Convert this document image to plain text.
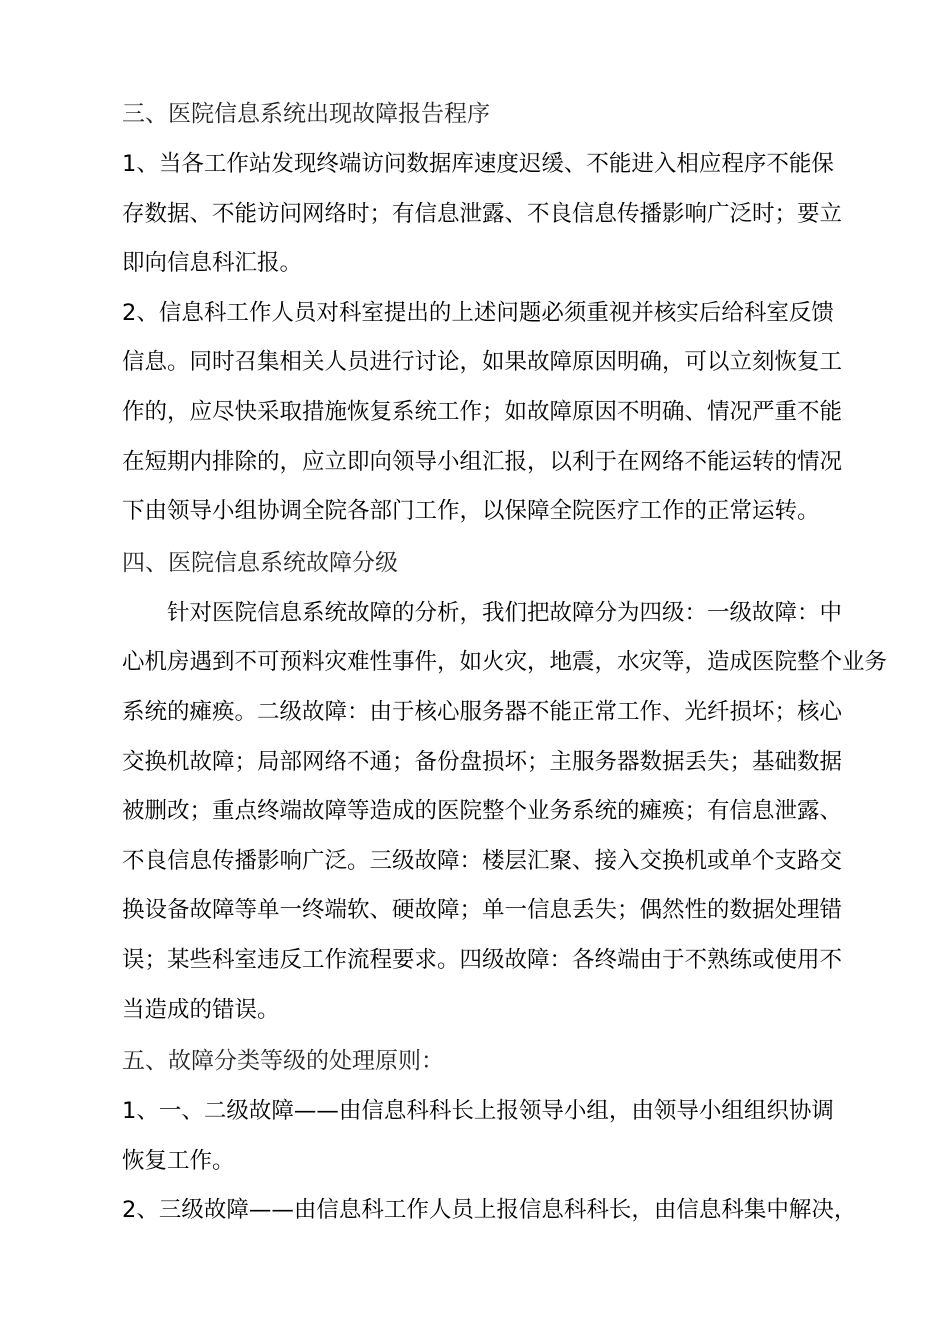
三、医院信息系统出现故障报告程序

1、当各工作站发现终端访问数据库速度迟缓、不能进入相应程序不能保
存数据、不能访问网络时；有信息泄露、不良信息传播影响广泛时；要立
即向信息科汇报。

2、信息科工作人员对科室提出的上述问题必须重视并核实后给科室反馈
信息。同时召集相关人员进行讨论，如果故障原因明确，可以立刻恢复工
作的，应尽快采取措施恢复系统工作；如故障原因不明确、情况严重不能
在短期内排除的，应立即向领导小组汇报，以利于在网络不能运转的情况
下由领导小组协调全院各部门工作，以保障全院医疗工作的正常运转。

四、医院信息系统故障分级

　　针对医院信息系统故障的分析，我们把故障分为四级：一级故障：中
心机房遇到不可预料灾难性事件，如火灾，地震，水灾等，造成医院整个业务
系统的瘫痪。二级故障：由于核心服务器不能正常工作、光纤损坏；核心
交换机故障；局部网络不通；备份盘损坏；主服务器数据丢失；基础数据
被删改；重点终端故障等造成的医院整个业务系统的瘫痪；有信息泄露、
不良信息传播影响广泛。三级故障：楼层汇聚、接入交换机或单个支路交
换设备故障等单一终端软、硬故障；单一信息丢失；偶然性的数据处理错
误；某些科室违反工作流程要求。四级故障：各终端由于不熟练或使用不
当造成的错误。

五、故障分类等级的处理原则：

1、一、二级故障——由信息科科长上报领导小组，由领导小组组织协调
恢复工作。

2、三级故障——由信息科工作人员上报信息科科长，由信息科集中解决，
